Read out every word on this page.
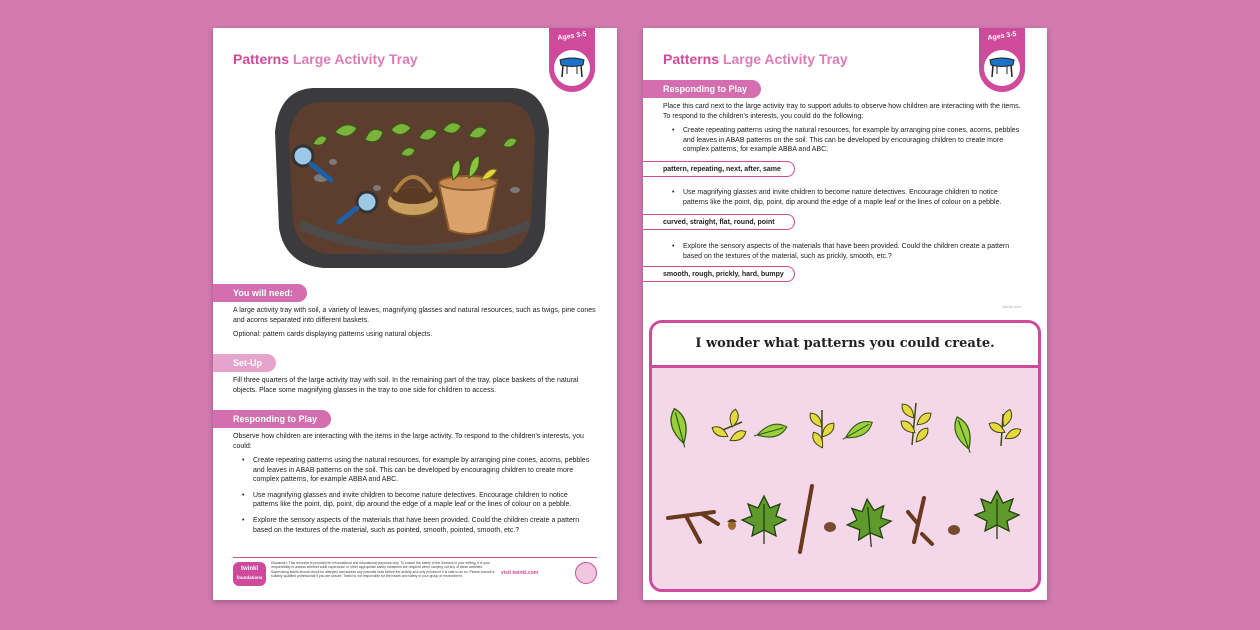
Patterns Large Activity Tray
Ages 3-5
You will need:

A large activity tray with soil, a variety of leaves, magnifying glasses and natural resources, such as twigs, pine cones and acorns separated into different baskets.

Optional: pattern cards displaying patterns using natural objects.

Set-Up

Fill three quarters of the large activity tray with soil. In the remaining part of the tray, place baskets of the natural objects. Place some magnifying glasses in the tray to one side for children to access.

Responding to Play

Observe how children are interacting with the items in the large activity. To respond to the children's interests, you could:

• Create repeating patterns using the natural resources, for example by arranging pine cones, acorns, pebbles and leaves in ABAB patterns on the soil. This can be developed by encouraging children to create more complex patterns, for example ABBA and ABC.
• Use magnifying glasses and invite children to become nature detectives. Encourage children to notice patterns like the point, dip, point, dip around the edge of a maple leaf or the lines of colour on a pebble.
• Explore the sensory aspects of the materials that have been provided. Could the children create a pattern based on the textures of the material, such as pointed, smooth, pointed, smooth, etc.?
twinkl
foundations
Disclaimer: This resource is provided for informational and educational purposes only. To ensure the safety of the learners in your setting, it is your responsibility to assess whether adult supervision or other appropriate safety measures are required when carrying out any of these activities. Supervising adults should check for allergies and assess any potential risks before the activity and only proceed if it is safe to do so. Please consult a suitably qualified professional if you are unsure. Twinkl is not responsible for the health and safety of your group or environment.
visit twinkl.com
Patterns Large Activity Tray
Ages 3-5
Responding to Play

Place this card next to the large activity tray to support adults to observe how children are interacting with the items. To respond to the children's interests, you could do the following:

• Create repeating patterns using the natural resources, for example by arranging pine cones, acorns, pebbles and leaves in ABAB patterns on the soil. This can be developed by encouraging children to create more complex patterns, for example ABBA and ABC.
pattern, repeating, next, after, same
• Use magnifying glasses and invite children to become nature detectives. Encourage children to notice patterns like the point, dip, point, dip around the edge of a maple leaf or the lines of colour on a pebble.
curved, straight, flat, round, point
• Explore the sensory aspects of the materials that have been provided. Could the children create a pattern based on the textures of the material, such as prickly, smooth, etc.?
smooth, rough, prickly, hard, bumpy
twinkl.com
I wonder what patterns you could create.
